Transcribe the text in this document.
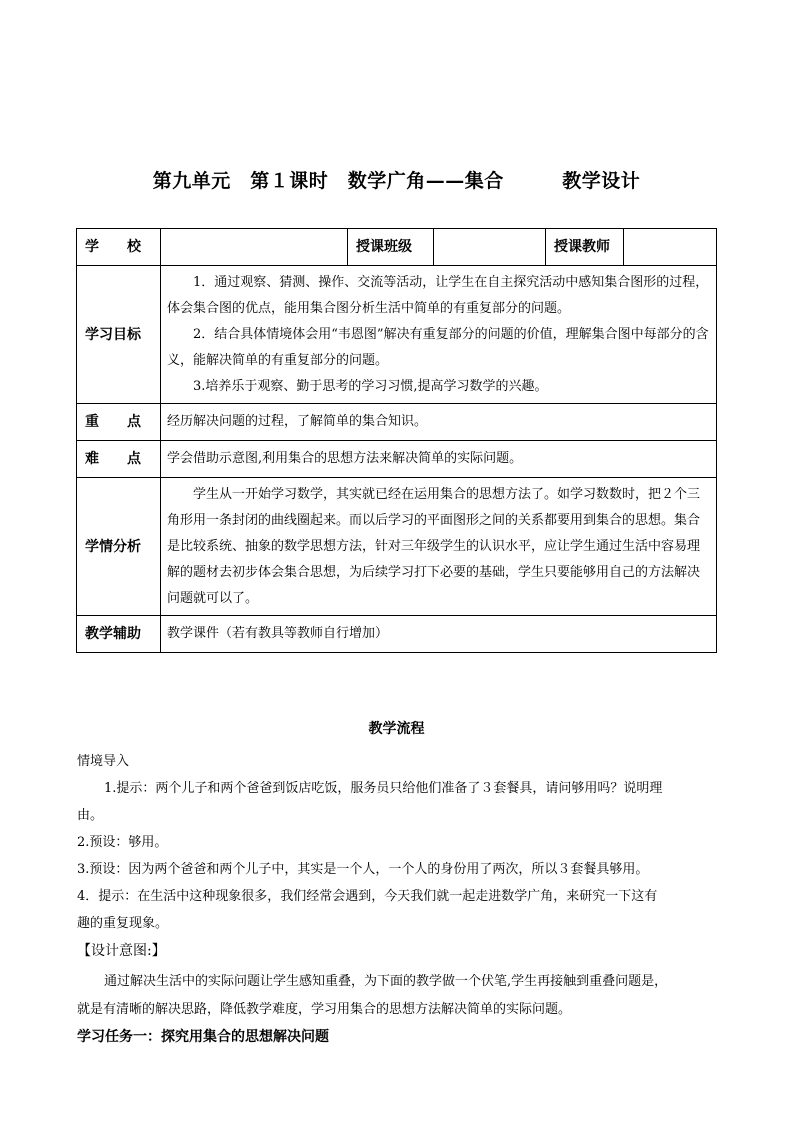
第九单元　第１课时　数学广角——集合　　　教学设计
学　　校		授课班级		授课教师	
学习目标	1．通过观察、猜测、操作、交流等活动，让学生在自主探究活动中感知集合图形的过程，体会集合图的优点，能用集合图分析生活中简单的有重复部分的问题。

2．结合具体情境体会用“韦恩图”解决有重复部分的问题的价值，理解集合图中每部分的含义，能解决简单的有重复部分的问题。

3.培养乐于观察、勤于思考的学习习惯,提高学习数学的兴趣。				

重　　点	经历解决问题的过程，了解简单的集合知识。				
难　　点	学会借助示意图,利用集合的思想方法来解决简单的实际问题。				
学情分析	学生从一开始学习数学，其实就已经在运用集合的思想方法了。如学习数数时，把２个三角形用一条封闭的曲线圈起来。而以后学习的平面图形之间的关系都要用到集合的思想。集合是比较系统、抽象的数学思想方法，针对三年级学生的认识水平，应让学生通过生活中容易理解的题材去初步体会集合思想，为后续学习打下必要的基础，学生只要能够用自己的方法解决问题就可以了。				

教学辅助	教学课件（若有教具等教师自行增加）				
教学流程
情境导入
1.提示：两个儿子和两个爸爸到饭店吃饭，服务员只给他们准备了３套餐具，请问够用吗？说明理
由。
2.预设：够用。
3.预设：因为两个爸爸和两个儿子中，其实是一个人，一个人的身份用了两次，所以３套餐具够用。
4．提示：在生活中这种现象很多，我们经常会遇到，今天我们就一起走进数学广角，来研究一下这有
趣的重复现象。
【设计意图:】
通过解决生活中的实际问题让学生感知重叠，为下面的教学做一个伏笔,学生再接触到重叠问题是，
就是有清晰的解决思路，降低教学难度，学习用集合的思想方法解决简单的实际问题。
学习任务一：探究用集合的思想解决问题
